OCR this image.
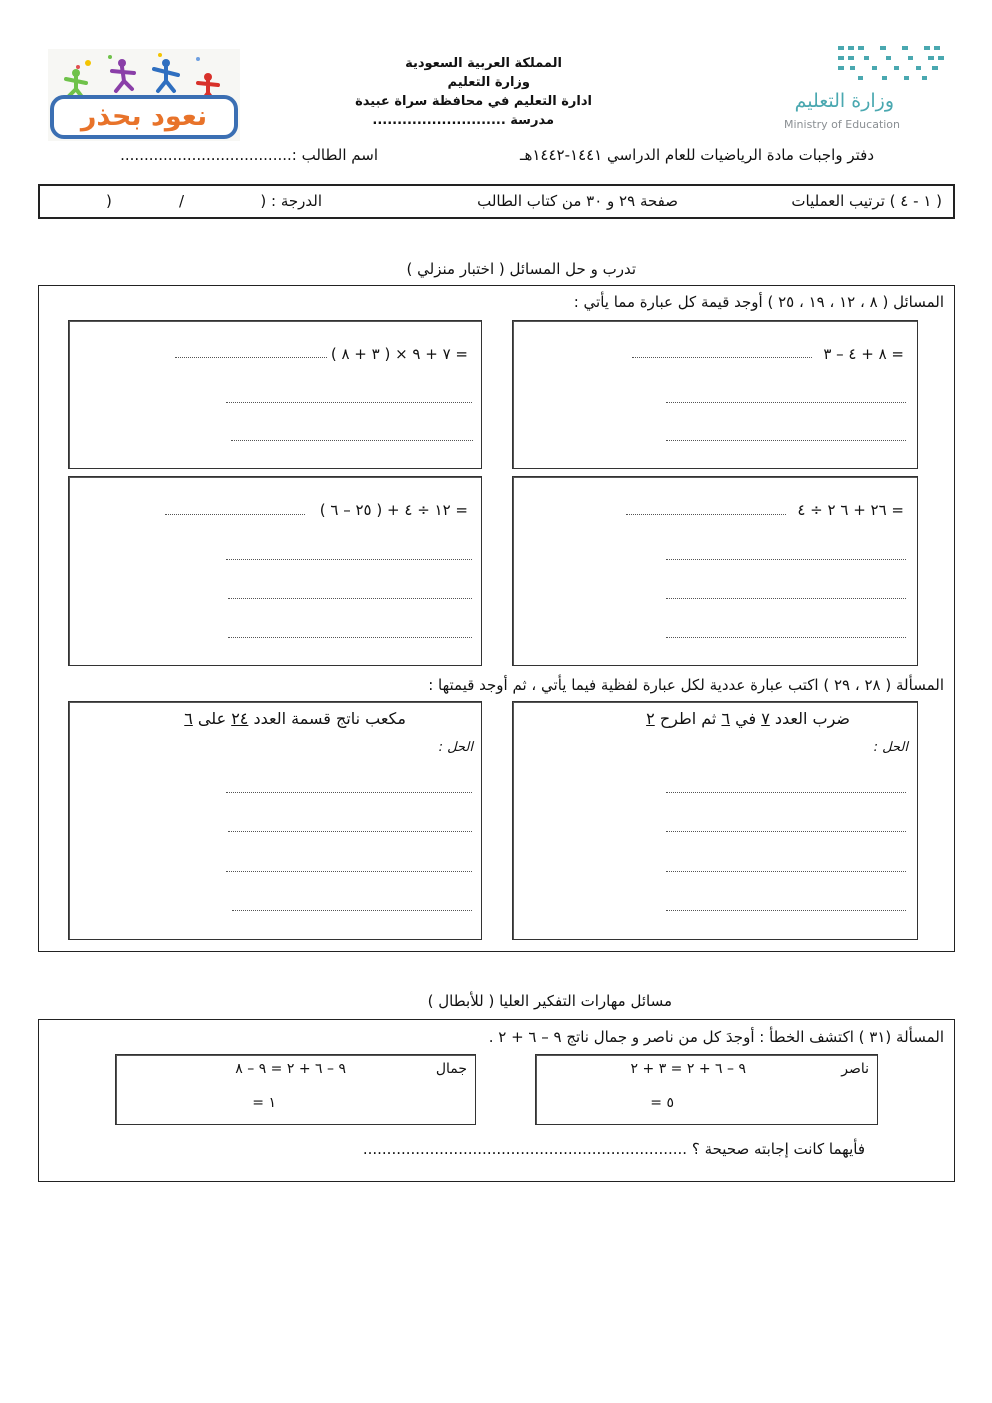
وزارة التعليم
Ministry of Education
نعود بحذر
المملكة العربية السعودية
وزارة التعليم
ادارة التعليم في محافظة سراة عبيدة
مدرسة ...........................
دفتر واجبات مادة الرياضيات للعام الدراسي ١٤٤١-١٤٤٢هـ
اسم الطالب :....................................
( ١ - ٤ ) ترتيب العمليات
صفحة ٢٩ و ٣٠ من كتاب الطالب
الدرجة : (
/
)
تدرب و حل المسائل ( اختبار منزلي )
المسائل ( ٨ ، ١٢ ، ١٩ ، ٢٥ ) أوجد قيمة كل عبارة مما يأتي :
٨ + ٤ – ٣ =
٧ + ٩ × ( ٣ + ٨ ) =
٢٦ + ٦ ٢ ÷ ٤ =
١٢ ÷ ٤ + ( ٢٥ – ٦ ) =
المسألة ( ٢٨ ، ٢٩ ) اكتب عبارة عددية لكل عبارة لفظية فيما يأتي ، ثم أوجد قيمتها :
ضرب العدد ٧ في ٦ ثم اطرح ٢
الحل :
مكعب ناتج قسمة العدد ٢٤ على ٦
الحل :
مسائل مهارات التفكير العليا ( للأبطال )
المسألة (٣١ ) اكتشف الخطأ : أوجدَ كل من ناصر و جمال ناتج ٩ – ٦ + ٢ .
ناصر
٩ – ٦ + ٢ = ٣ + ٢
= ٥
جمال
٩ – ٦ + ٢ = ٩ – ٨
= ١
فأيهما كانت إجابته صحيحة ؟ ....................................................................
